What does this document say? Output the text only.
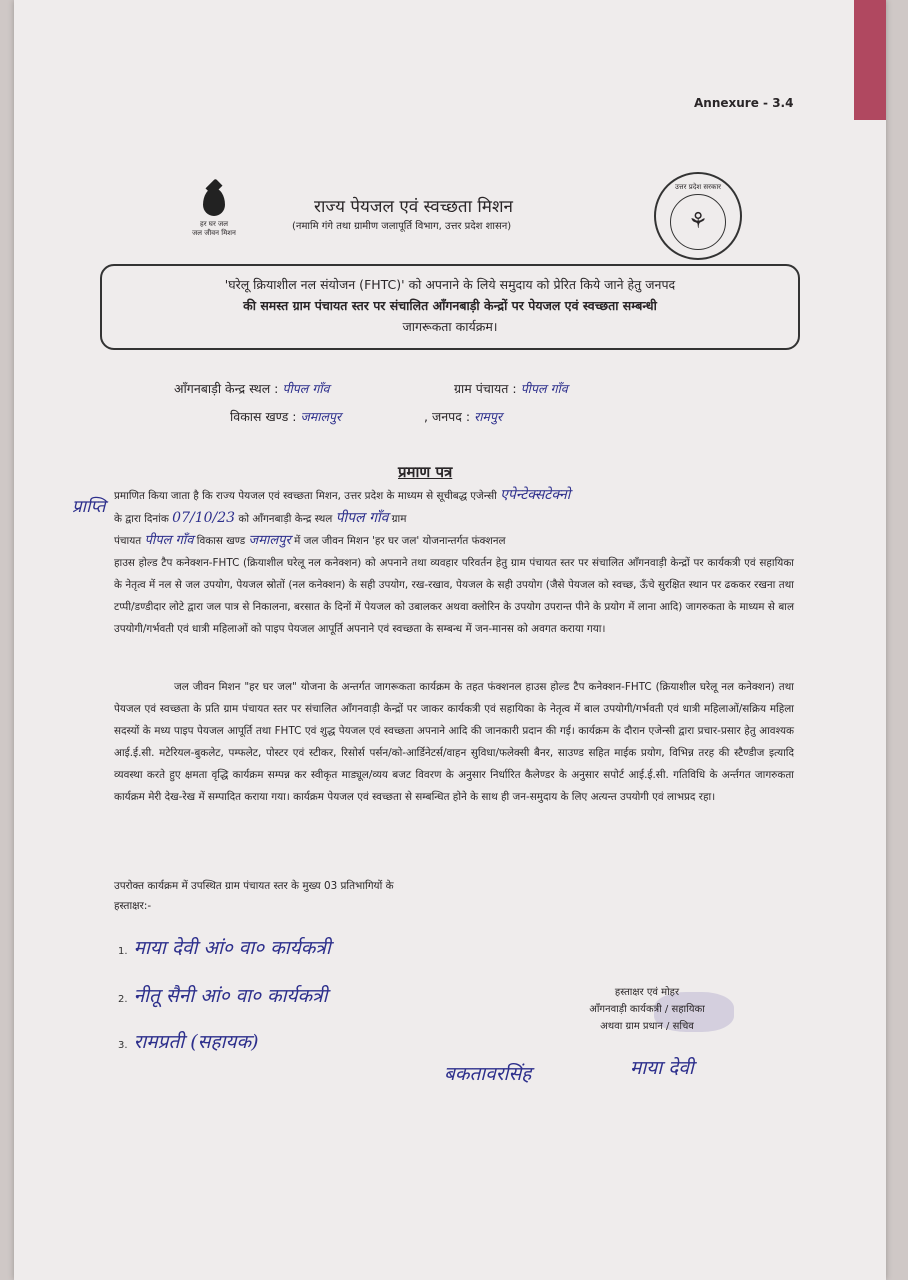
Annexure - 3.4
हर घर जल
जल जीवन मिशन
उत्तर प्रदेश सरकार
⚘
राज्य पेयजल एवं स्वच्छता मिशन
(नमामि गंगे तथा ग्रामीण जलापूर्ति विभाग, उत्तर प्रदेश शासन)
'घरेलू क्रियाशील नल संयोजन (FHTC)' को अपनाने के लिये समुदाय को प्रेरित किये जाने हेतु जनपद
की समस्त ग्राम पंचायत स्तर पर संचालित आँगनबाड़ी केन्द्रों पर पेयजल एवं स्वच्छता सम्बन्धी
जागरूकता कार्यक्रम।
आँगनबाड़ी केन्द्र स्थल : पीपल गाँव	ग्राम पंचायत : पीपल गाँव
विकास खण्ड : जमालपुर	, जनपद : रामपुर
प्रमाण पत्र
प्राप्ति
प्रमाणित किया जाता है कि राज्य पेयजल एवं स्वच्छता मिशन, उत्तर प्रदेश के माध्यम से सूचीबद्ध एजेन्सी एपेन्टेक्सटेक्नो
के द्वारा दिनांक 07/10/23 को आँगनबाड़ी केन्द्र स्थल पीपल गाँव ग्राम
पंचायत पीपल गाँव विकास खण्ड जमालपुर में जल जीवन मिशन 'हर घर जल' योजनान्तर्गत फंक्शनल
हाउस होल्ड टैप कनेक्शन-FHTC (क्रियाशील घरेलू नल कनेक्शन) को अपनाने तथा व्यवहार परिवर्तन हेतु ग्राम पंचायत स्तर पर संचालित आँगनवाड़ी केन्द्रों पर कार्यकत्री एवं सहायिका के नेतृत्व में नल से जल उपयोग, पेयजल स्रोतों (नल कनेक्शन) के सही उपयोग, रख-रखाव, पेयजल के सही उपयोग (जैसे पेयजल को स्वच्छ, ऊँचे सुरक्षित स्थान पर ढककर रखना तथा टप्पी/डण्डीदार लोटे द्वारा जल पात्र से निकालना, बरसात के दिनों में पेयजल को उबालकर अथवा क्लोरिन के उपयोग उपरान्त पीने के प्रयोग में लाना आदि) जागरुकता के माध्यम से बाल उपयोगी/गर्भवती एवं धात्री महिलाओं को पाइप पेयजल आपूर्ति अपनाने एवं स्वच्छता के सम्बन्ध में जन-मानस को अवगत कराया गया।
जल जीवन मिशन "हर घर जल" योजना के अन्तर्गत जागरूकता कार्यक्रम के तहत फंक्शनल हाउस होल्ड टैप कनेक्शन-FHTC (क्रियाशील घरेलू नल कनेक्शन) तथा पेयजल एवं स्वच्छता के प्रति ग्राम पंचायत स्तर पर संचालित आँगनवाड़ी केन्द्रों पर जाकर कार्यकत्री एवं सहायिका के नेतृत्व में बाल उपयोगी/गर्भवती एवं धात्री महिलाओं/सक्रिय महिला सदस्यों के मध्य पाइप पेयजल आपूर्ति तथा FHTC एवं शुद्ध पेयजल एवं स्वच्छता अपनाने आदि की जानकारी प्रदान की गई। कार्यक्रम के दौरान एजेन्सी द्वारा प्रचार-प्रसार हेतु आवश्यक आई.ई.सी. मटेरियल-बुकलेट, पम्फलेट, पोस्टर एवं स्टीकर, रिसोर्स पर्सन/को-आर्डिनेटर्स/वाहन सुविधा/फलेक्सी बैनर, साउण्ड सहित माईक प्रयोग, विभिन्न तरह की स्टैण्डीज इत्यादि व्यवस्था करते हुए क्षमता वृद्धि कार्यक्रम सम्पन्न कर स्वीकृत माड्यूल/व्यय बजट विवरण के अनुसार निर्धारित कैलेण्डर के अनुसार सपोर्ट आई.ई.सी. गतिविधि के अर्न्तगत जागरुकता कार्यक्रम मेरी देख-रेख में सम्पादित कराया गया। कार्यक्रम पेयजल एवं स्वच्छता से सम्बन्धित होने के साथ ही जन-समुदाय के लिए अत्यन्त उपयोगी एवं लाभप्रद रहा।
उपरोक्त कार्यक्रम में उपस्थित ग्राम पंचायत स्तर के मुख्य 03 प्रतिभागियों के
हस्ताक्षर:-
1. माया देवी आं० वा० कार्यकत्री
2. नीतू सैनी आं० वा० कार्यकत्री
3. रामप्रती (सहायक)
हस्ताक्षर एवं मोहर
आँगनवाड़ी कार्यकत्री / सहायिका
अथवा ग्राम प्रधान / सचिव
बकतावरसिंह	माया देवी
